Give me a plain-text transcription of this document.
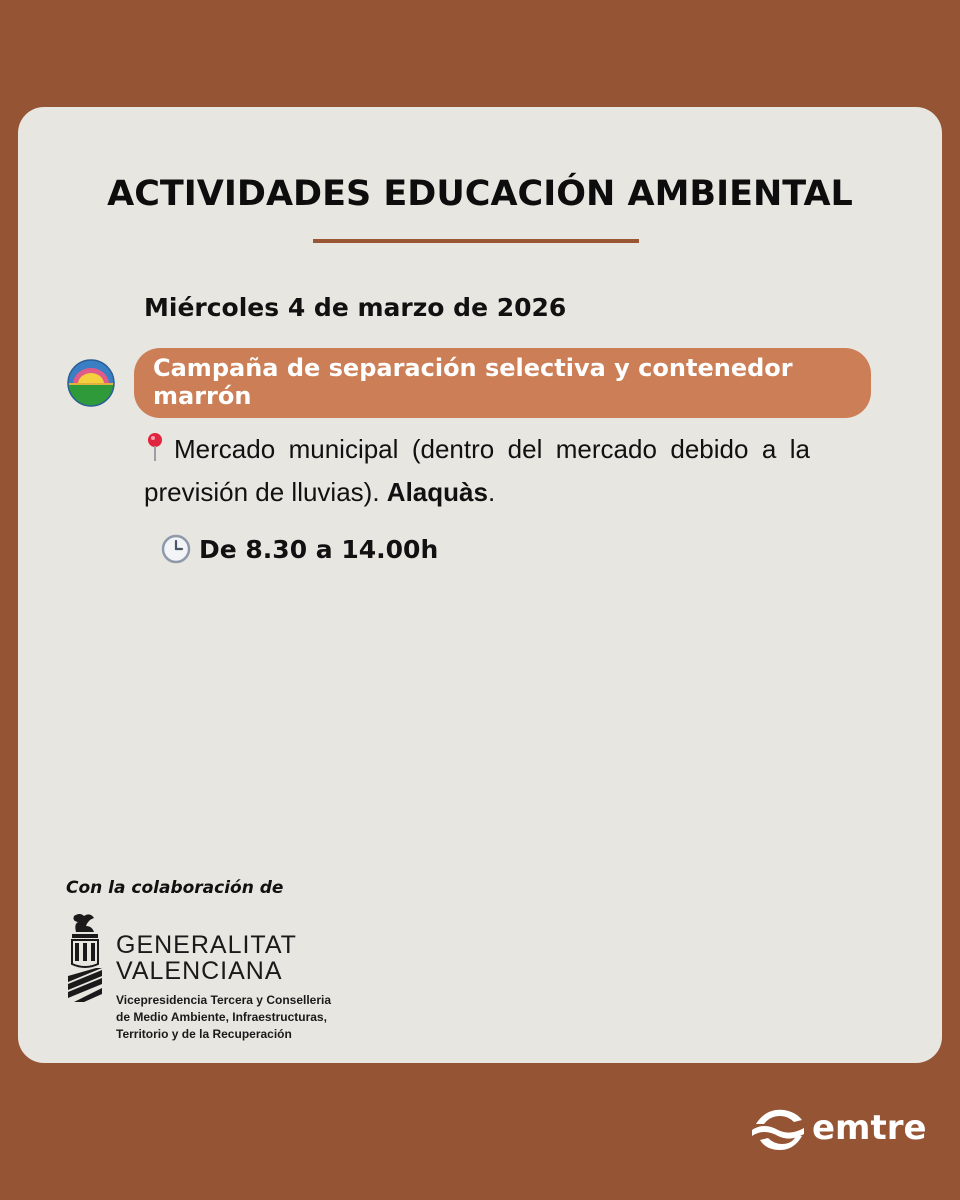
ACTIVIDADES EDUCACIÓN AMBIENTAL
Miércoles 4 de marzo de 2026
Campaña de separación selectiva y contenedor marrón
Mercado municipal (dentro del mercado debido a la previsión de lluvias). Alaquàs.
De 8.30 a 14.00h
Con la colaboración de
GENERALITAT
VALENCIANA
Vicepresidencia Tercera y Conselleria
de Medio Ambiente, Infraestructuras,
Territorio y de la Recuperación
emtre
